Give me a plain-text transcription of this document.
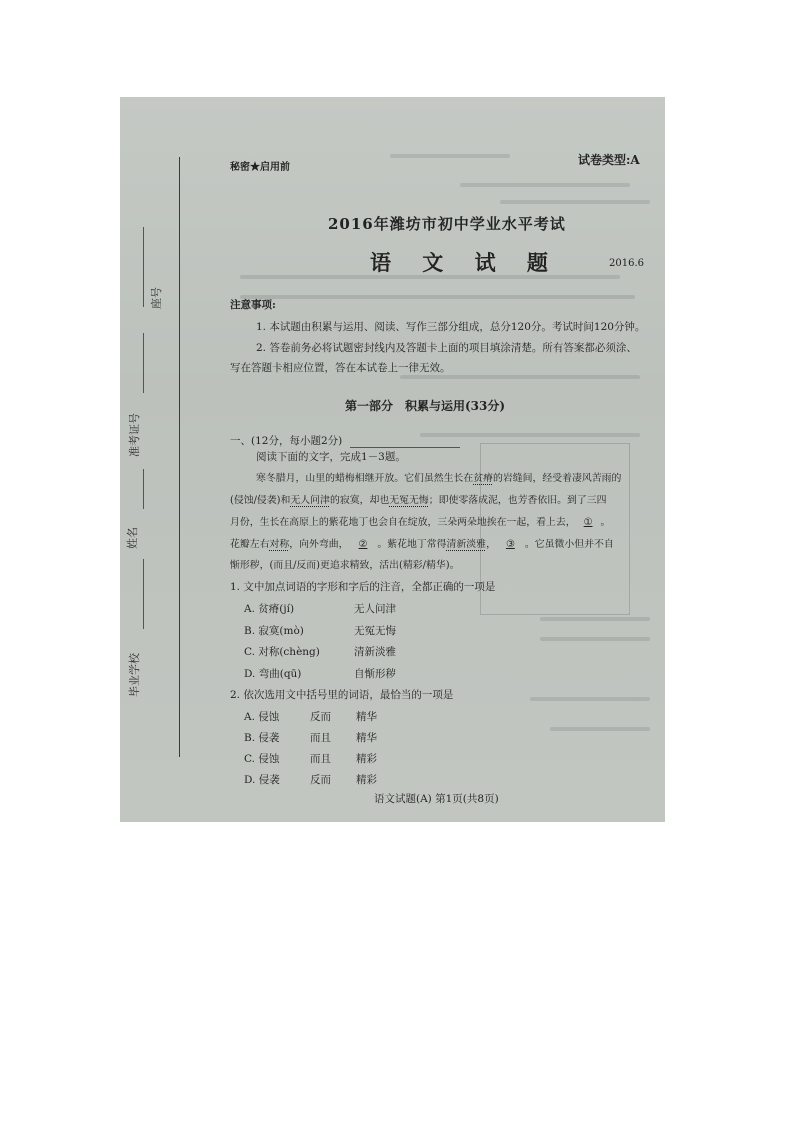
座号
准考证号
姓名
毕业学校
秘密★启用前
试卷类型:A
2016年潍坊市初中学业水平考试
语 文 试 题	2016.6
注意事项:
1. 本试题由积累与运用、阅读、写作三部分组成，总分120分。考试时间120分钟。
2. 答卷前务必将试题密封线内及答题卡上面的项目填涂清楚。所有答案都必须涂、
写在答题卡相应位置，答在本试卷上一律无效。
第一部分　积累与运用(33分)
一、(12分，每小题2分)
阅读下面的文字，完成1－3题。
寒冬腊月，山里的蜡梅相继开放。它们虽然生长在贫瘠的岩缝间，经受着凄风苦雨的
(侵蚀/侵袭)和无人问津的寂寞，却也无冤无悔；即使零落成泥，也芳香依旧。到了三四
月份，生长在高原上的紫花地丁也会自在绽放，三朵两朵地挨在一起，看上去， ① 。
花瓣左右对称，向外弯曲， ② 。紫花地丁常得清新淡雅， ③ 。它虽微小但并不自
惭形秽，(而且/反而)更追求精致，活出(精彩/精华)。
1. 文中加点词语的字形和字后的注音，全都正确的一项是
A. 贫瘠(jí)	无人问津
B. 寂寞(mò)	无冤无悔
C. 对称(chèng)	清新淡雅
D. 弯曲(qū)	自惭形秽
2. 依次选用文中括号里的词语，最恰当的一项是
A. 侵蚀	反而 精华
B. 侵袭	而且 精华
C. 侵蚀	而且 精彩
D. 侵袭	反而 精彩
语文试题(A) 第1页(共8页)
